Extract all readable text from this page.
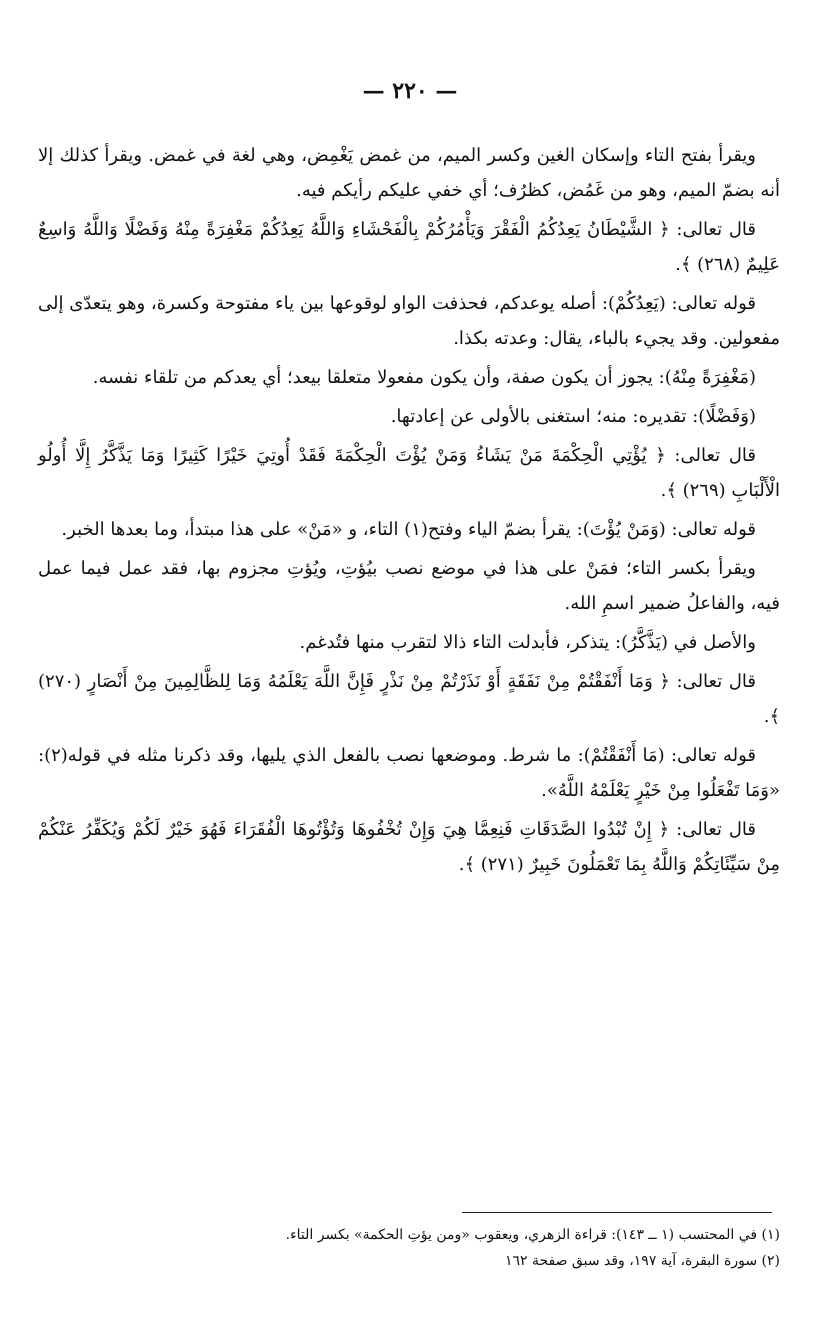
— ٢٢٠ —

ويقرأ بفتح التاء وإسكان الغين وكسر الميم، من غمض يَغْمِض، وهي لغة في غمض. ويقرأ كذلك إلا أنه بضمّ الميم، وهو من غَمُض، كظرُف؛ أي خفي عليكم رأيكم فيه.

قال تعالى: ﴿ الشَّيْطَانُ يَعِدُكُمُ الْفَقْرَ وَيَأْمُرُكُمْ بِالْفَحْشَاءِ وَاللَّهُ يَعِدُكُمْ مَغْفِرَةً مِنْهُ وَفَضْلًا وَاللَّهُ وَاسِعٌ عَلِيمٌ (٢٦٨) ﴾.

قوله تعالى: (يَعِدُكُمْ): أصله يوعدكم، فحذفت الواو لوقوعها بين ياء مفتوحة وكسرة، وهو يتعدّى إلى مفعولين. وقد يجيء بالباء، يقال: وعدته بكذا.

(مَغْفِرَةً مِنْهُ): يجوز أن يكون صفة، وأن يكون مفعولا متعلقا بيعد؛ أي يعدكم من تلقاء نفسه.

(وَفَضْلًا): تقديره: منه؛ استغنى بالأولى عن إعادتها.

قال تعالى: ﴿ يُؤْتِي الْحِكْمَةَ مَنْ يَشَاءُ وَمَنْ يُؤْتَ الْحِكْمَةَ فَقَدْ أُوتِيَ خَيْرًا كَثِيرًا وَمَا يَذَّكَّرُ إِلَّا أُولُو الْأَلْبَابِ (٢٦٩) ﴾.

قوله تعالى: (وَمَنْ يُؤْتَ): يقرأ بضمّ الياء وفتح(١) التاء، و «مَنْ» على هذا مبتدأ، وما بعدها الخبر.

ويقرأ بكسر التاء؛ فمَنْ على هذا في موضع نصب بيُؤتِ، ويُؤتِ مجزوم بها، فقد عمل فيما عمل فيه، والفاعلُ ضمير اسمِ الله.

والأصل في (يَذَّكَّرُ): يتذكر، فأبدلت التاء ذالا لتقرب منها فتُدغم.

قال تعالى: ﴿ وَمَا أَنْفَقْتُمْ مِنْ نَفَقَةٍ أَوْ نَذَرْتُمْ مِنْ نَذْرٍ فَإِنَّ اللَّهَ يَعْلَمُهُ وَمَا لِلظَّالِمِينَ مِنْ أَنْصَارٍ (٢٧٠) ﴾.

قوله تعالى: (مَا أَنْفَقْتُمْ): ما شرط. وموضعها نصب بالفعل الذي يليها، وقد ذكرنا مثله في قوله(٢): «وَمَا تَفْعَلُوا مِنْ خَيْرٍ يَعْلَمْهُ اللَّهُ».

قال تعالى: ﴿ إِنْ تُبْدُوا الصَّدَقَاتِ فَنِعِمَّا هِيَ وَإِنْ تُخْفُوهَا وَتُؤْتُوهَا الْفُقَرَاءَ فَهُوَ خَيْرٌ لَكُمْ وَيُكَفِّرُ عَنْكُمْ مِنْ سَيِّئَاتِكُمْ وَاللَّهُ بِمَا تَعْمَلُونَ خَبِيرٌ (٢٧١) ﴾.

(١) في المحتسب (١ ــ ١٤٣): قراءة الزهري، ويعقوب «ومن يؤتِ الحكمة» بكسر التاء.

(٢) سورة البقرة، آية ١٩٧، وقد سبق صفحة ١٦٢
